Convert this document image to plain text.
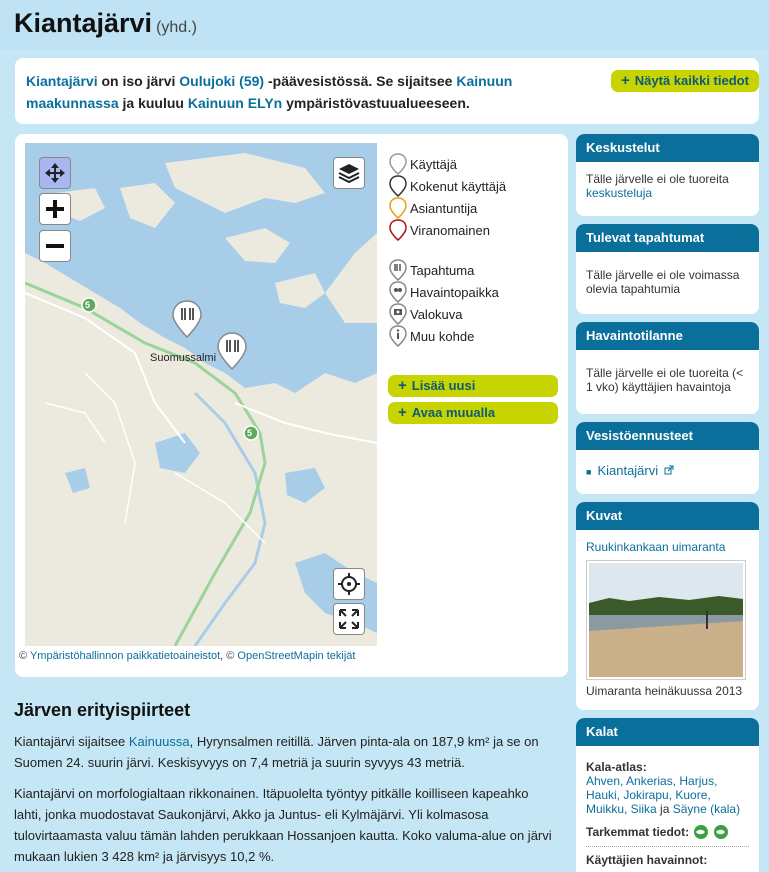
Kiantajärvi (yhd.)

Kiantajärvi on iso järvi Oulujoki (59) -päävesistössä. Se sijaitsee Kainuun maakunnassa ja kuuluu Kainuun ELYn ympäristövastuualueeseen.

+ Näytä kaikki tiedot
5
5
Suomussalmi
© Ympäristöhallinnon paikkatietoaineistot, © OpenStreetMapin tekijät
Käyttäjä
Kokenut käyttäjä
Asiantuntija
Viranomainen
Tapahtuma
Havaintopaikka
Valokuva
Muu kohde
+ Lisää uusi
+ Avaa muualla
Keskustelut
Tälle järvelle ei ole tuoreita
keskusteluja
Tulevat tapahtumat
Tälle järvelle ei ole voimassa olevia tapahtumia
Havaintotilanne
Tälle järvelle ei ole tuoreita (< 1 vko) käyttäjien havaintoja
Vesistöennusteet
■ Kiantajärvi
Kuvat
Ruukinkankaan uimaranta
Uimaranta heinäkuussa 2013
Kalat
Kala-atlas:
Ahven, Ankerias, Harjus, Hauki, Jokirapu, Kuore, Muikku, Siika ja Säyne (kala)
Tarkemmat tiedot:
Käyttäjien havainnot:
Järven erityispiirteet

Kiantajärvi sijaitsee Kainuussa, Hyrynsalmen reitillä. Järven pinta-ala on 187,9 km² ja se on Suomen 24. suurin järvi. Keskisyvyys on 7,4 metriä ja suurin syvyys 43 metriä.

Kiantajärvi on morfologialtaan rikkonainen. Itäpuolelta työntyy pitkälle koilliseen kapeahko lahti, jonka muodostavat Saukonjärvi, Akko ja Juntus- eli Kylmäjärvi. Yli kolmasosa tulovirtaamasta valuu tämän lahden perukkaan Hossanjoen kautta. Koko valuma-alue on järvi mukaan lukien 3 428 km² ja järvisyys 10,2 %.
